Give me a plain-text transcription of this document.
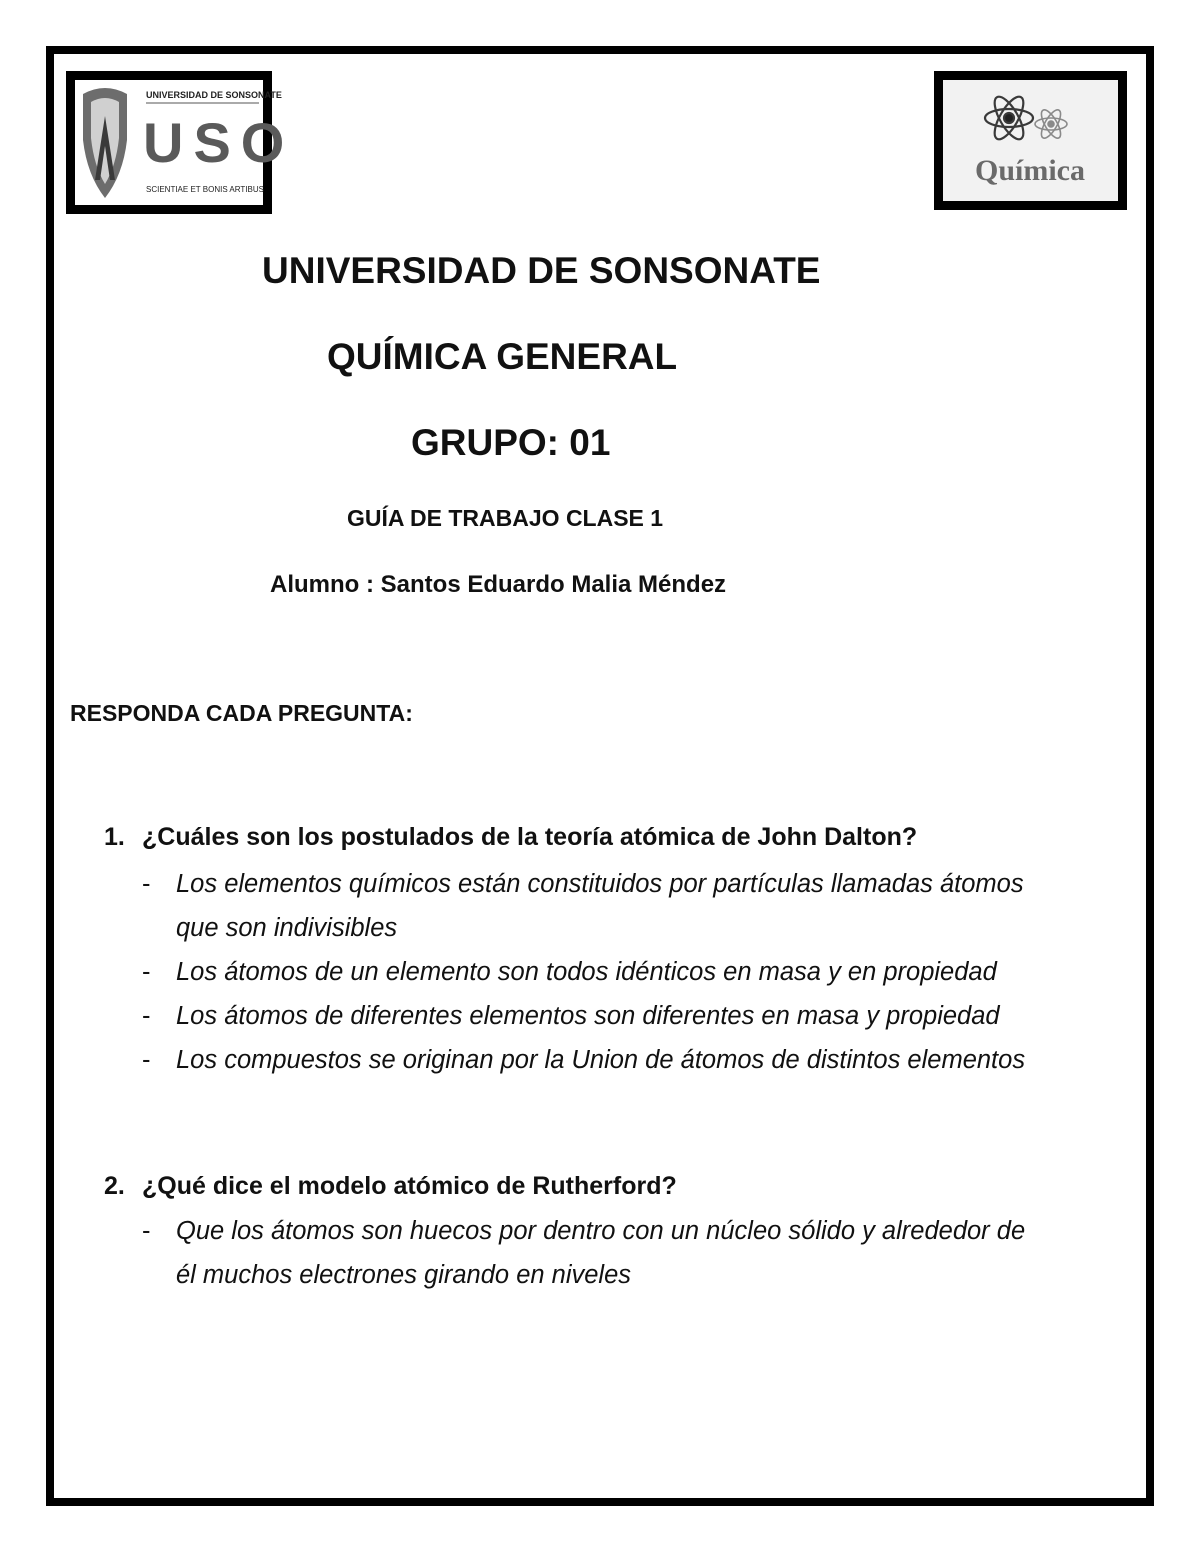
UNIVERSIDAD DE SONSONATE
USO
SCIENTIAE ET BONIS ARTIBUS
Química
UNIVERSIDAD DE SONSONATE
QUÍMICA GENERAL
GRUPO: 01
GUÍA DE TRABAJO CLASE 1
Alumno : Santos Eduardo Malia Méndez
RESPONDA CADA PREGUNTA:
1. ¿Cuáles son los postulados de la teoría atómica de John Dalton?
- Los elementos químicos están constituidos por partículas llamadas átomos
que son indivisibles
- Los átomos de un elemento son todos idénticos en masa y en propiedad
- Los átomos de diferentes elementos son diferentes en masa y propiedad
- Los compuestos se originan por la Union de átomos de distintos elementos
2. ¿Qué dice el modelo atómico de Rutherford?
- Que los átomos son huecos por dentro con un núcleo sólido y alrededor de
él muchos electrones girando en niveles
